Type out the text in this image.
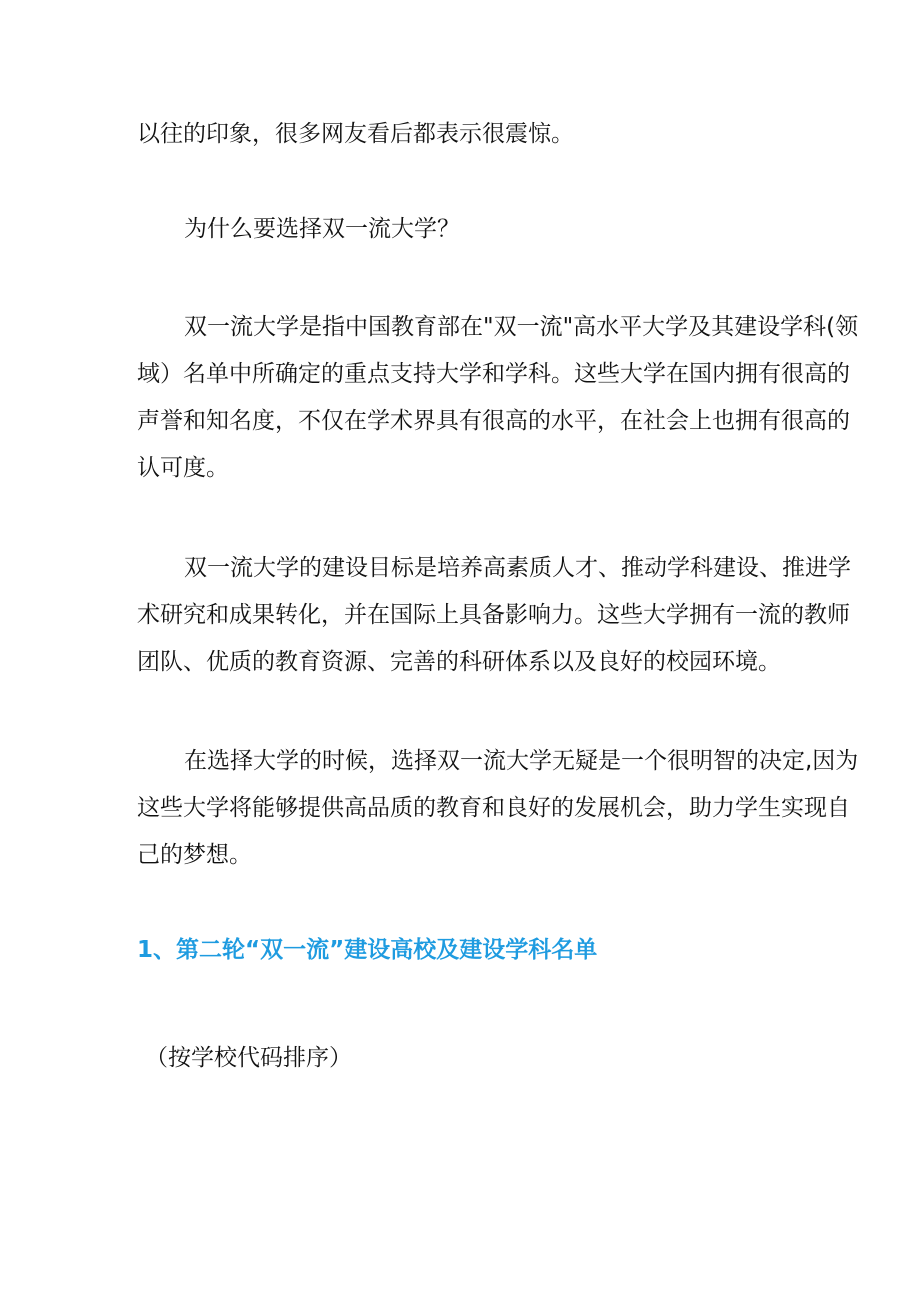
以往的印象，很多网友看后都表示很震惊。
为什么要选择双一流大学？
双一流大学是指中国教育部在"双一流"高水平大学及其建设学科(领
域）名单中所确定的重点支持大学和学科。这些大学在国内拥有很高的
声誉和知名度，不仅在学术界具有很高的水平，在社会上也拥有很高的
认可度。
双一流大学的建设目标是培养高素质人才、推动学科建设、推进学
术研究和成果转化，并在国际上具备影响力。这些大学拥有一流的教师
团队、优质的教育资源、完善的科研体系以及良好的校园环境。
在选择大学的时候，选择双一流大学无疑是一个很明智的决定,因为
这些大学将能够提供高品质的教育和良好的发展机会，助力学生实现自
己的梦想。
1、第二轮“双一流”建设高校及建设学科名单
（按学校代码排序）
